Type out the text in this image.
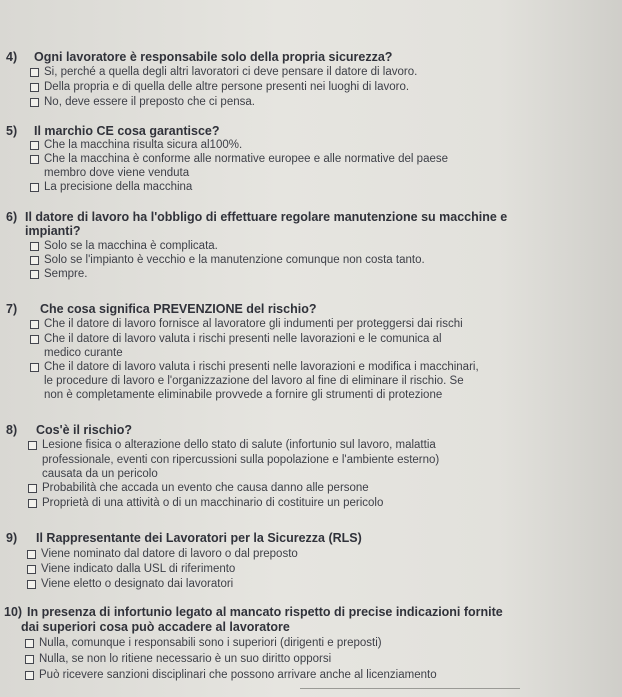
4) Ogni lavoratore è responsabile solo della propria sicurezza?
Si, perché a quella degli altri lavoratori ci deve pensare il datore di lavoro.
Della propria e di quella delle altre persone presenti nei luoghi di lavoro.
No, deve essere il preposto che ci pensa.
5) Il marchio CE cosa garantisce?
Che la macchina risulta sicura al100%.
Che la macchina è conforme alle normative europee e alle normative del paese
membro dove viene venduta
La precisione della macchina
6) Il datore di lavoro ha l'obbligo di effettuare regolare manutenzione su macchine e
impianti?
Solo se la macchina è complicata.
Solo se l'impianto è vecchio e la manutenzione comunque non costa tanto.
Sempre.
7) Che cosa significa PREVENZIONE del rischio?
Che il datore di lavoro fornisce al lavoratore gli indumenti per proteggersi dai rischi
Che il datore di lavoro valuta i rischi presenti nelle lavorazioni e le comunica al
medico curante
Che il datore di lavoro valuta i rischi presenti nelle lavorazioni e modifica i macchinari,
le procedure di lavoro e l'organizzazione del lavoro al fine di eliminare il rischio. Se
non è completamente eliminabile provvede a fornire gli strumenti di protezione
8) Cos'è il rischio?
Lesione fisica o alterazione dello stato di salute (infortunio sul lavoro, malattia
professionale, eventi con ripercussioni sulla popolazione e l'ambiente esterno)
causata da un pericolo
Probabilità che accada un evento che causa danno alle persone
Proprietà di una attività o di un macchinario di costituire un pericolo
9) Il Rappresentante dei Lavoratori per la Sicurezza (RLS)
Viene nominato dal datore di lavoro o dal preposto
Viene indicato dalla USL di riferimento
Viene eletto o designato dai lavoratori
10) In presenza di infortunio legato al mancato rispetto di precise indicazioni fornite
dai superiori cosa può accadere al lavoratore
Nulla, comunque i responsabili sono i superiori (dirigenti e preposti)
Nulla, se non lo ritiene necessario è un suo diritto opporsi
Può ricevere sanzioni disciplinari che possono arrivare anche al licenziamento
